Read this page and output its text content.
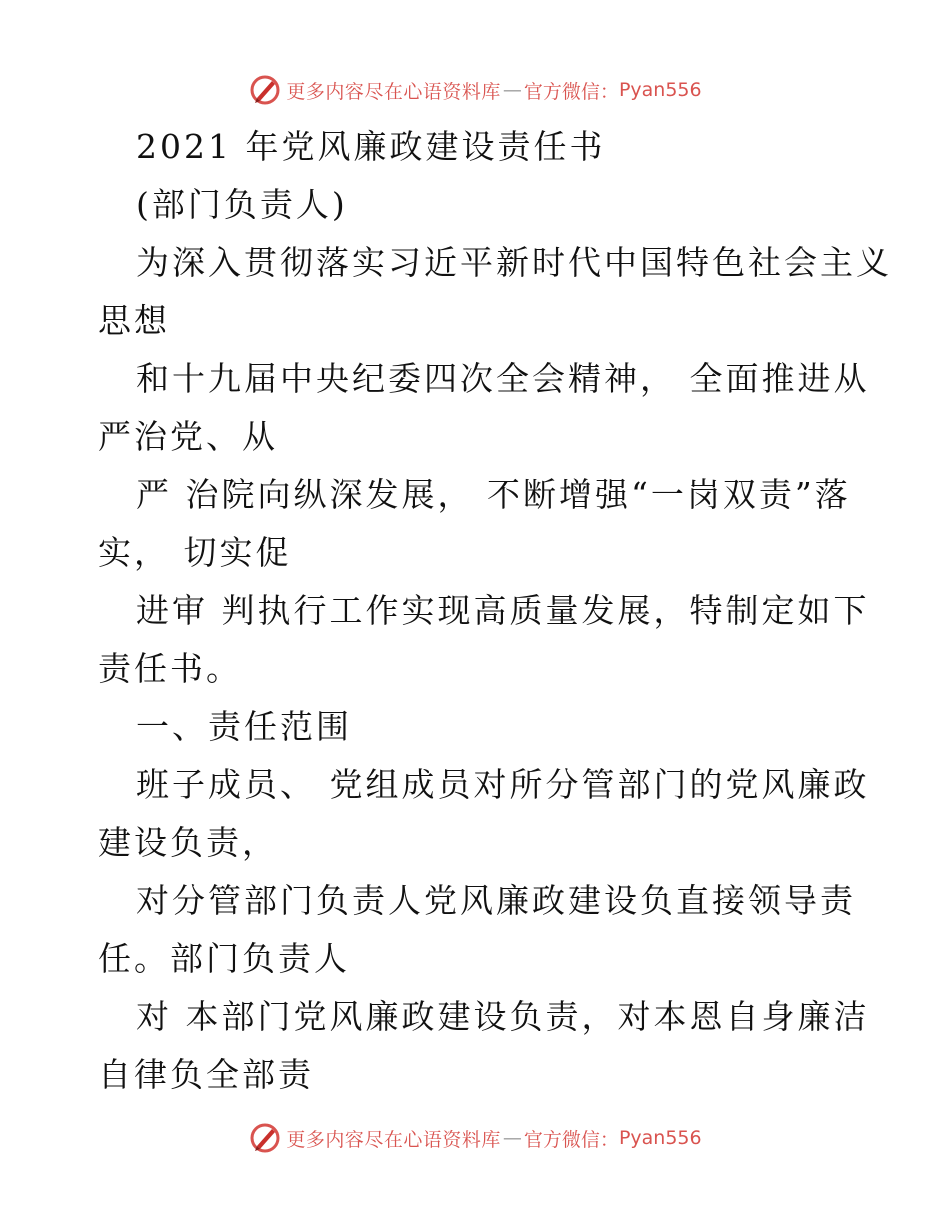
更多内容尽在心语资料库 — 官方微信： Pyan556
2021 年党风廉政建设责任书
(部门负责人)
为深入贯彻落实习近平新时代中国特色社会主义
思想
和十九届中央纪委四次全会精神， 全面推进从
严治党、从
严 治院向纵深发展， 不断增强“一岗双责”落
实， 切实促
进审 判执行工作实现高质量发展，特制定如下
责任书。
一、责任范围
班子成员、 党组成员对所分管部门的党风廉政
建设负责，
对分管部门负责人党风廉政建设负直接领导责
任。部门负责人
对 本部门党风廉政建设负责，对本恩自身廉洁
自律负全部责
更多内容尽在心语资料库 — 官方微信： Pyan556
